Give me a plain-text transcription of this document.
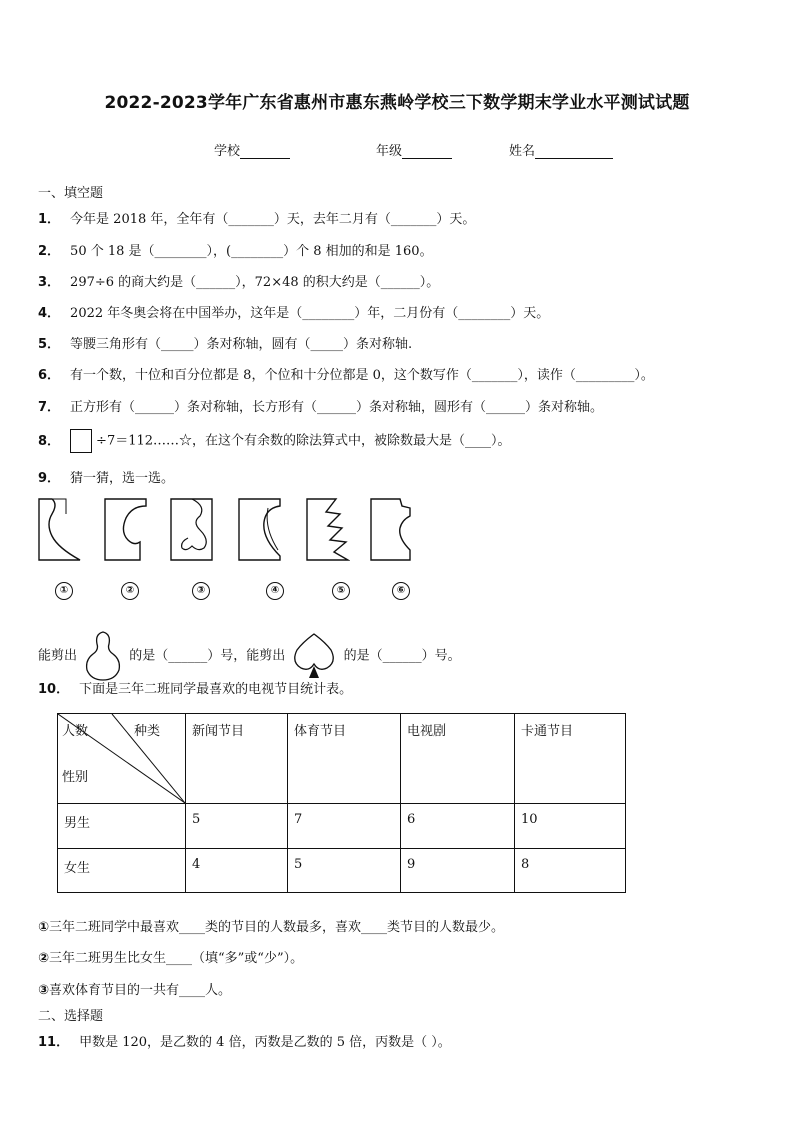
2022-2023学年广东省惠州市惠东燕岭学校三下数学期末学业水平测试试题
学校	年级	姓名
一、填空题
1． 今年是 2018 年，全年有（_______）天，去年二月有（_______）天。
2． 50 个 18 是（________），(________）个 8 相加的和是 160。
3． 297÷6 的商大约是（______），72×48 的积大约是（______）。
4． 2022 年冬奥会将在中国举办，这年是（________）年，二月份有（________）天。
5． 等腰三角形有（_____）条对称轴，圆有（_____）条对称轴.
6． 有一个数，十位和百分位都是 8，个位和十分位都是 0，这个数写作（_______），读作（_________）。
7． 正方形有（______）条对称轴，长方形有（______）条对称轴，圆形有（______）条对称轴。
8．	÷7＝112……☆，在这个有余数的除法算式中，被除数最大是（____）。
9． 猜一猜，选一选。
①	②	③	④	⑤	⑥
能剪出	的是（______）号，能剪出	的是（______）号。
10． 下面是三年二班同学最喜欢的电视节目统计表。
人数 种类
性别	新闻节目	体育节目	电视剧	卡通节目
男生	5	7	6	10
女生	4	5	9	8
①三年二班同学中最喜欢____类的节目的人数最多，喜欢____类节目的人数最少。
②三年二班男生比女生____（填“多”或“少”）。
③喜欢体育节目的一共有____人。
二、选择题
11． 甲数是 120，是乙数的 4 倍，丙数是乙数的 5 倍，丙数是（ ）。
